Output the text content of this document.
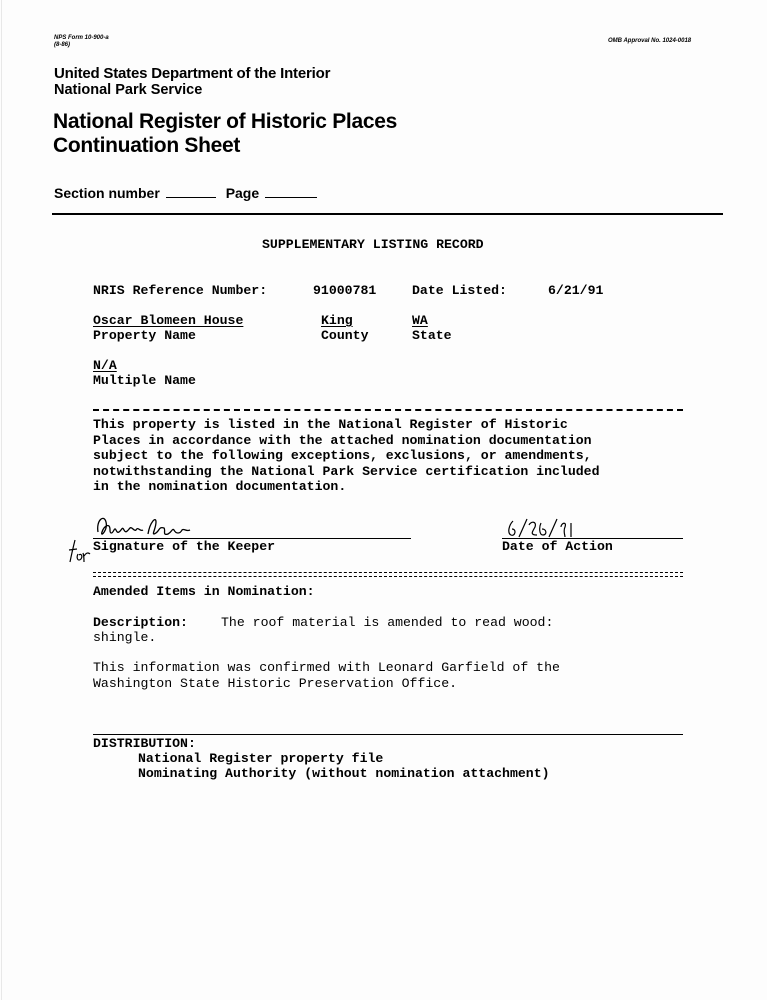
NPS Form 10-900-a
(8-86)
OMB Approval No. 1024-0018
United States Department of the Interior
National Park Service
National Register of Historic Places
Continuation Sheet
Section number	Page
SUPPLEMENTARY LISTING RECORD
NRIS Reference Number:	91000781	Date Listed:	6/21/91
Oscar Blomeen House	King	WA
Property Name	County	State
N/A
Multiple Name
This property is listed in the National Register of Historic
Places in accordance with the attached nomination documentation
subject to the following exceptions, exclusions, or amendments,
notwithstanding the National Park Service certification included
in the nomination documentation.
Signature of the Keeper	Date of Action
Amended Items in Nomination:
Description:	The roof material is amended to read wood:
shingle.
This information was confirmed with Leonard Garfield of the
Washington State Historic Preservation Office.
DISTRIBUTION:
National Register property file
Nominating Authority (without nomination attachment)
